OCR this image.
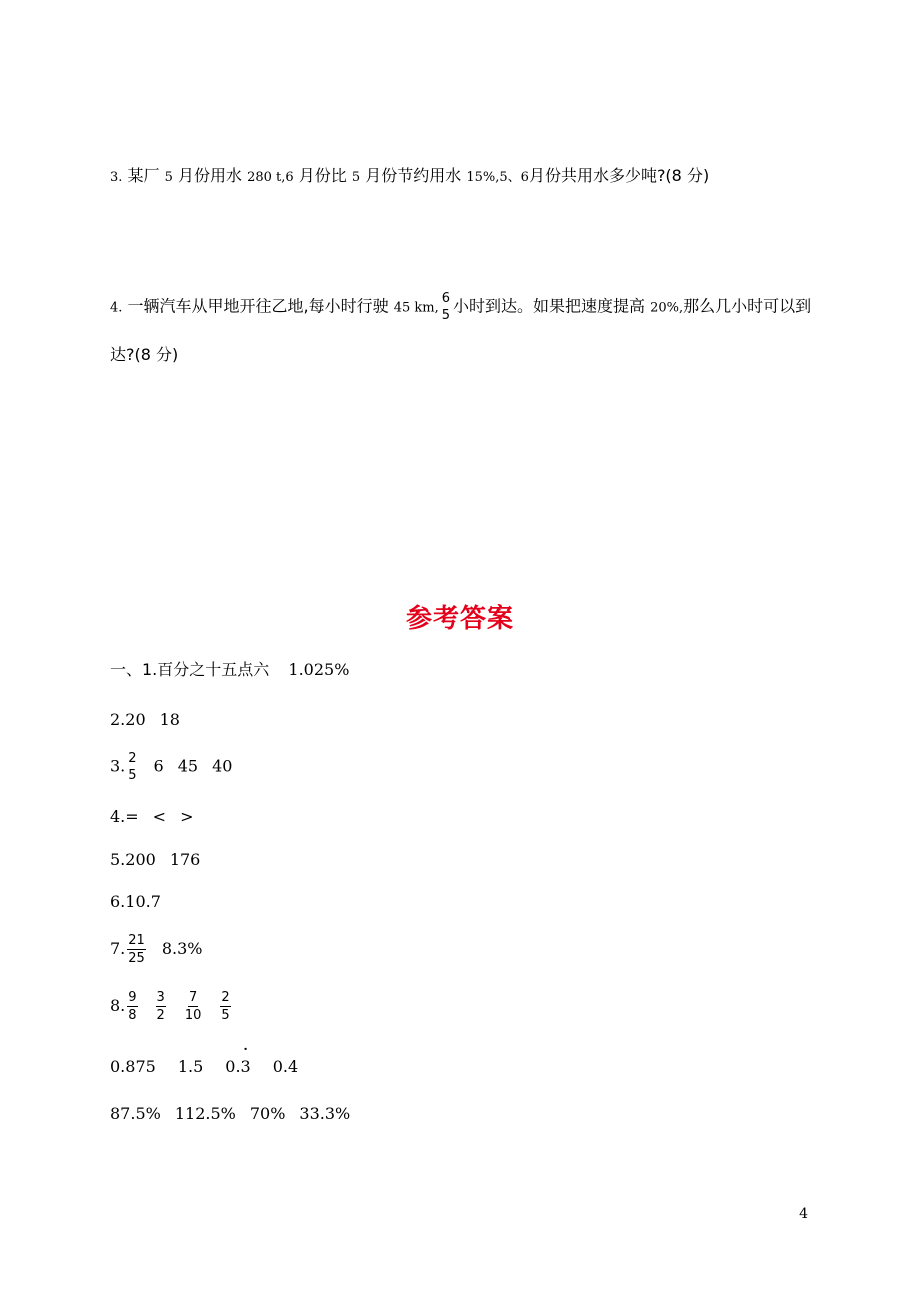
3. 某厂 5 月份用水 280 t,6 月份比 5 月份节约用水 15%,5、6月份共用水多少吨?(8 分)
4. 一辆汽车从甲地开往乙地,每小时行驶 45 km,
6
5 小时到达。如果把速度提高 20%,那么几小时可以到
达?(8 分)
参考答案
一、1.百分之十五点六 1.025%
2.20 18
3. 2
5 6 45 40
4.= < >
5.200 176
6.10.7
7. $\frac{21}{25} 8.3\%$
8. $\frac{9}{8} \frac{3}{2} \frac{7}{10} \frac{2}{5}$
0.875 1.5 0.
·
3 0.4
87.5% 112.5% 70% 33.3%
4
